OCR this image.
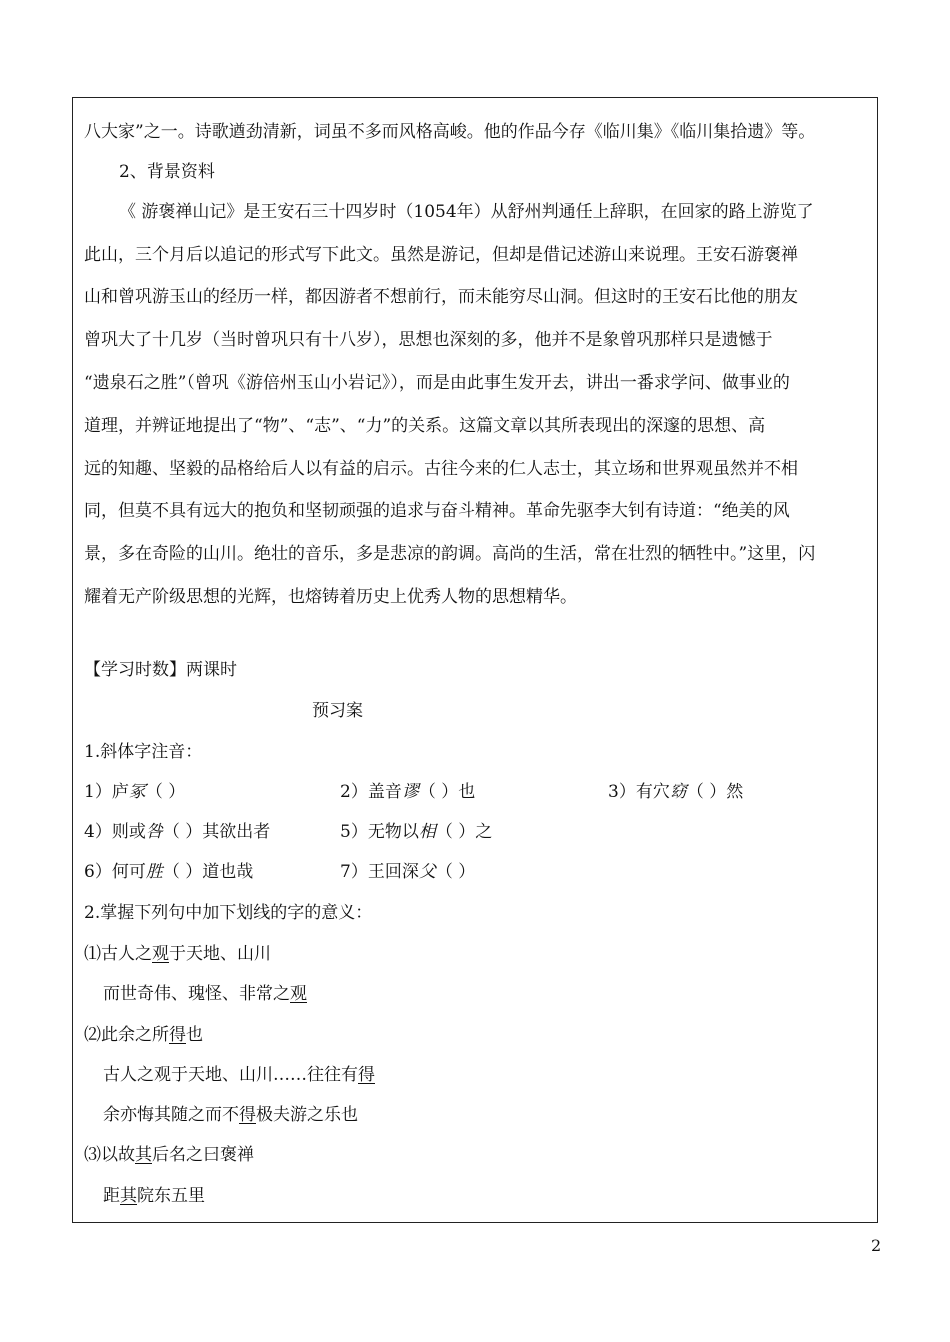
八大家”之一。诗歌遒劲清新，词虽不多而风格高峻。他的作品今存《临川集》《临川集拾遗》等。
2、背景资料
《 游褒禅山记》是王安石三十四岁时（1054年）从舒州判通任上辞职，在回家的路上游览了
此山，三个月后以追记的形式写下此文。虽然是游记，但却是借记述游山来说理。王安石游褒禅
山和曾巩游玉山的经历一样，都因游者不想前行，而未能穷尽山洞。但这时的王安石比他的朋友
曾巩大了十几岁（当时曾巩只有十八岁），思想也深刻的多，他并不是象曾巩那样只是遗憾于
“遗泉石之胜”（曾巩《游倍州玉山小岩记》），而是由此事生发开去，讲出一番求学问、做事业的
道理，并辨证地提出了“物”、“志”、“力”的关系。这篇文章以其所表现出的深邃的思想、高
远的知趣、坚毅的品格给后人以有益的启示。古往今来的仁人志士，其立场和世界观虽然并不相
同，但莫不具有远大的抱负和坚韧顽强的追求与奋斗精神。革命先驱李大钊有诗道：“绝美的风
景，多在奇险的山川。绝壮的音乐，多是悲凉的韵调。高尚的生活，常在壮烈的牺牲中。”这里，闪
耀着无产阶级思想的光辉，也熔铸着历史上优秀人物的思想精华。
【学习时数】两课时
预习案
1.斜体字注音：
1）庐冢（ ）	2）盖音谬（ ）也	3）有穴窈（ ）然
4）则或咎（ ）其欲出者	5）无物以相（ ）之
6）何可胜（ ）道也哉	7）王回深父（ ）
2.掌握下列句中加下划线的字的意义：
⑴古人之观于天地、山川
而世奇伟、瑰怪、非常之观
⑵此余之所得也
古人之观于天地、山川……往往有得
余亦悔其随之而不得极夫游之乐也
⑶以故其后名之曰褒禅
距其院东五里
2
